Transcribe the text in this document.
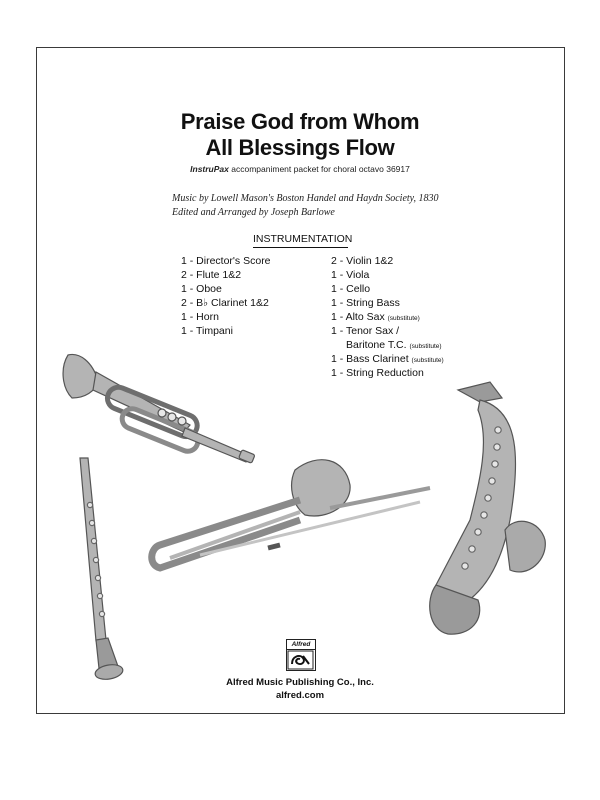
Praise God from Whom
All Blessings Flow
InstruPax accompaniment packet for choral octavo 36917
Music by Lowell Mason's Boston Handel and Haydn Society, 1830
Edited and Arranged by Joseph Barlowe
INSTRUMENTATION
1 - Director's Score
2 - Flute 1&2
1 - Oboe
2 - B♭ Clarinet 1&2
1 - Horn
1 - Timpani
2 - Violin 1&2
1 - Viola
1 - Cello
1 - String Bass
1 - Alto Sax (substitute)
1 - Tenor Sax /
Baritone T.C. (substitute)
1 - Bass Clarinet (substitute)
1 - String Reduction
Alfred
Alfred Music Publishing Co., Inc.
alfred.com
